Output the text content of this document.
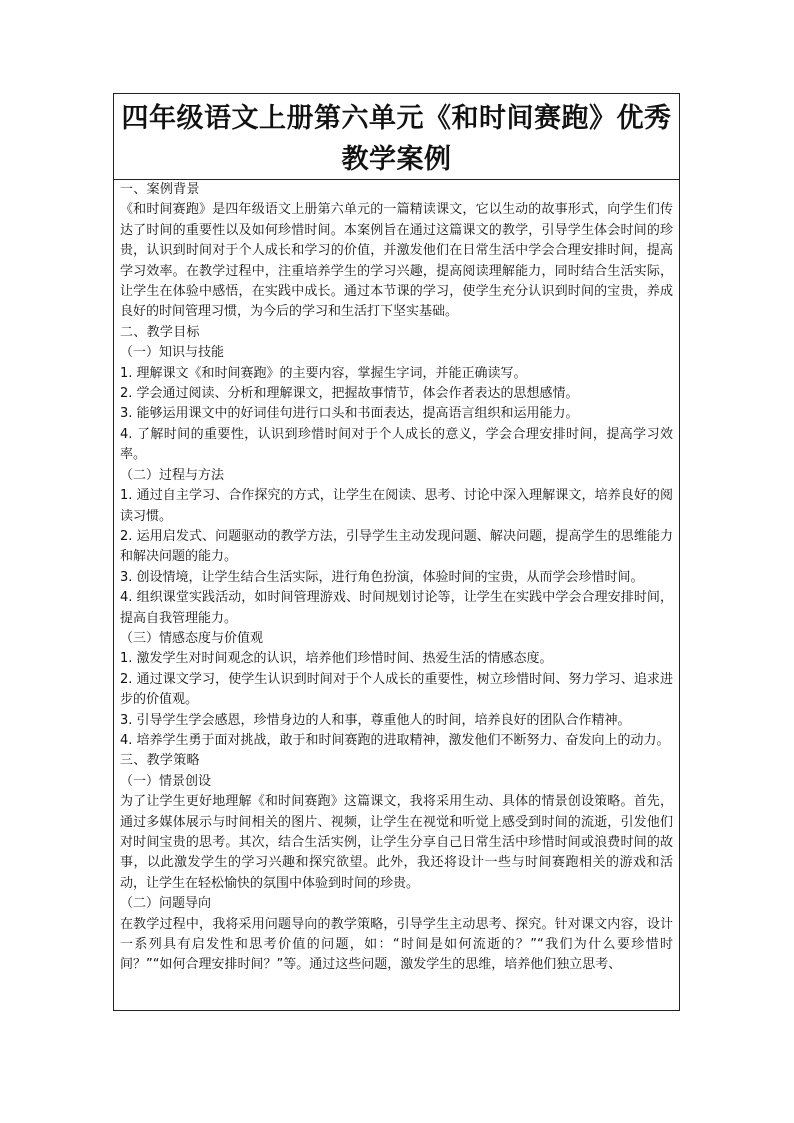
四年级语文上册第六单元《和时间赛跑》优秀教学案例

一、案例背景

《和时间赛跑》是四年级语文上册第六单元的一篇精读课文，它以生动的故事形式，向学生们传达了时间的重要性以及如何珍惜时间。本案例旨在通过这篇课文的教学，引导学生体会时间的珍贵，认识到时间对于个人成长和学习的价值，并激发他们在日常生活中学会合理安排时间，提高学习效率。在教学过程中，注重培养学生的学习兴趣，提高阅读理解能力，同时结合生活实际，让学生在体验中感悟，在实践中成长。通过本节课的学习，使学生充分认识到时间的宝贵，养成良好的时间管理习惯，为今后的学习和生活打下坚实基础。

二、教学目标

（一）知识与技能

1. 理解课文《和时间赛跑》的主要内容，掌握生字词，并能正确读写。

2. 学会通过阅读、分析和理解课文，把握故事情节，体会作者表达的思想感情。

3. 能够运用课文中的好词佳句进行口头和书面表达，提高语言组织和运用能力。

4. 了解时间的重要性，认识到珍惜时间对于个人成长的意义，学会合理安排时间，提高学习效率。

（二）过程与方法

1. 通过自主学习、合作探究的方式，让学生在阅读、思考、讨论中深入理解课文，培养良好的阅读习惯。

2. 运用启发式、问题驱动的教学方法，引导学生主动发现问题、解决问题，提高学生的思维能力和解决问题的能力。

3. 创设情境，让学生结合生活实际，进行角色扮演，体验时间的宝贵，从而学会珍惜时间。

4. 组织课堂实践活动，如时间管理游戏、时间规划讨论等，让学生在实践中学会合理安排时间，提高自我管理能力。

（三）情感态度与价值观

1. 激发学生对时间观念的认识，培养他们珍惜时间、热爱生活的情感态度。

2. 通过课文学习，使学生认识到时间对于个人成长的重要性，树立珍惜时间、努力学习、追求进步的价值观。

3. 引导学生学会感恩，珍惜身边的人和事，尊重他人的时间，培养良好的团队合作精神。

4. 培养学生勇于面对挑战，敢于和时间赛跑的进取精神，激发他们不断努力、奋发向上的动力。

三、教学策略

（一）情景创设

为了让学生更好地理解《和时间赛跑》这篇课文，我将采用生动、具体的情景创设策略。首先，通过多媒体展示与时间相关的图片、视频，让学生在视觉和听觉上感受到时间的流逝，引发他们对时间宝贵的思考。其次，结合生活实例，让学生分享自己日常生活中珍惜时间或浪费时间的故事，以此激发学生的学习兴趣和探究欲望。此外，我还将设计一些与时间赛跑相关的游戏和活动，让学生在轻松愉快的氛围中体验到时间的珍贵。

（二）问题导向

在教学过程中，我将采用问题导向的教学策略，引导学生主动思考、探究。针对课文内容，设计一系列具有启发性和思考价值的问题，如：“时间是如何流逝的？”“我们为什么要珍惜时间？”“如何合理安排时间？”等。通过这些问题，激发学生的思维，培养他们独立思考、
